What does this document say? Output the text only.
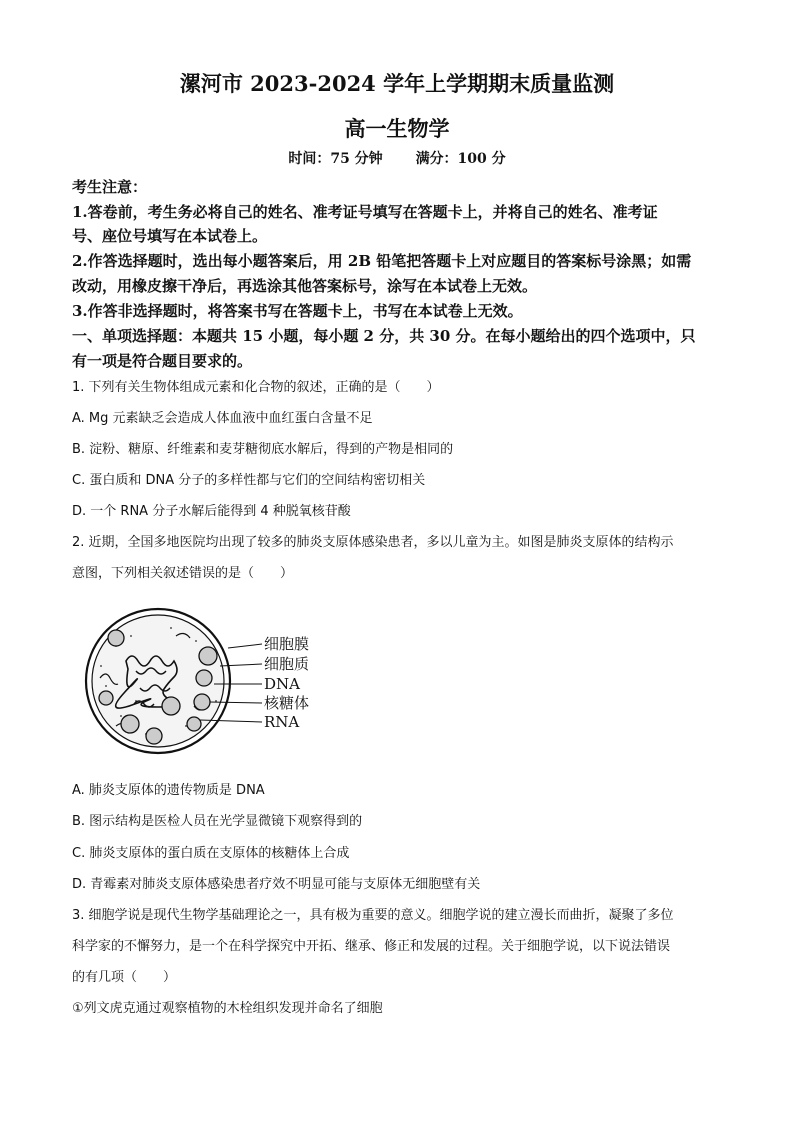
漯河市 2023-2024 学年上学期期末质量监测
高一生物学
时间：75 分钟 满分：100 分
考生注意：
1.答卷前，考生务必将自己的姓名、准考证号填写在答题卡上，并将自己的姓名、准考证
号、座位号填写在本试卷上。
2.作答选择题时，选出每小题答案后，用 2B 铅笔把答题卡上对应题目的答案标号涂黑；如需
改动，用橡皮擦干净后，再选涂其他答案标号，涂写在本试卷上无效。
3.作答非选择题时，将答案书写在答题卡上，书写在本试卷上无效。
一、单项选择题：本题共 15 小题，每小题 2 分，共 30 分。在每小题给出的四个选项中，只
有一项是符合题目要求的。
1. 下列有关生物体组成元素和化合物的叙述，正确的是（　　）
A. Mg 元素缺乏会造成人体血液中血红蛋白含量不足
B. 淀粉、糖原、纤维素和麦芽糖彻底水解后，得到的产物是相同的
C. 蛋白质和 DNA 分子的多样性都与它们的空间结构密切相关
D. 一个 RNA 分子水解后能得到 4 种脱氧核苷酸
2. 近期，全国多地医院均出现了较多的肺炎支原体感染患者，多以儿童为主。如图是肺炎支原体的结构示
意图，下列相关叙述错误的是（　　）
细胞膜
细胞质
DNA
核糖体
RNA
A. 肺炎支原体的遗传物质是 DNA
B. 图示结构是医检人员在光学显微镜下观察得到的
C. 肺炎支原体的蛋白质在支原体的核糖体上合成
D. 青霉素对肺炎支原体感染患者疗效不明显可能与支原体无细胞壁有关
3. 细胞学说是现代生物学基础理论之一，具有极为重要的意义。细胞学说的建立漫长而曲折，凝聚了多位
科学家的不懈努力，是一个在科学探究中开拓、继承、修正和发展的过程。关于细胞学说，以下说法错误
的有几项（　　）
①列文虎克通过观察植物的木栓组织发现并命名了细胞
